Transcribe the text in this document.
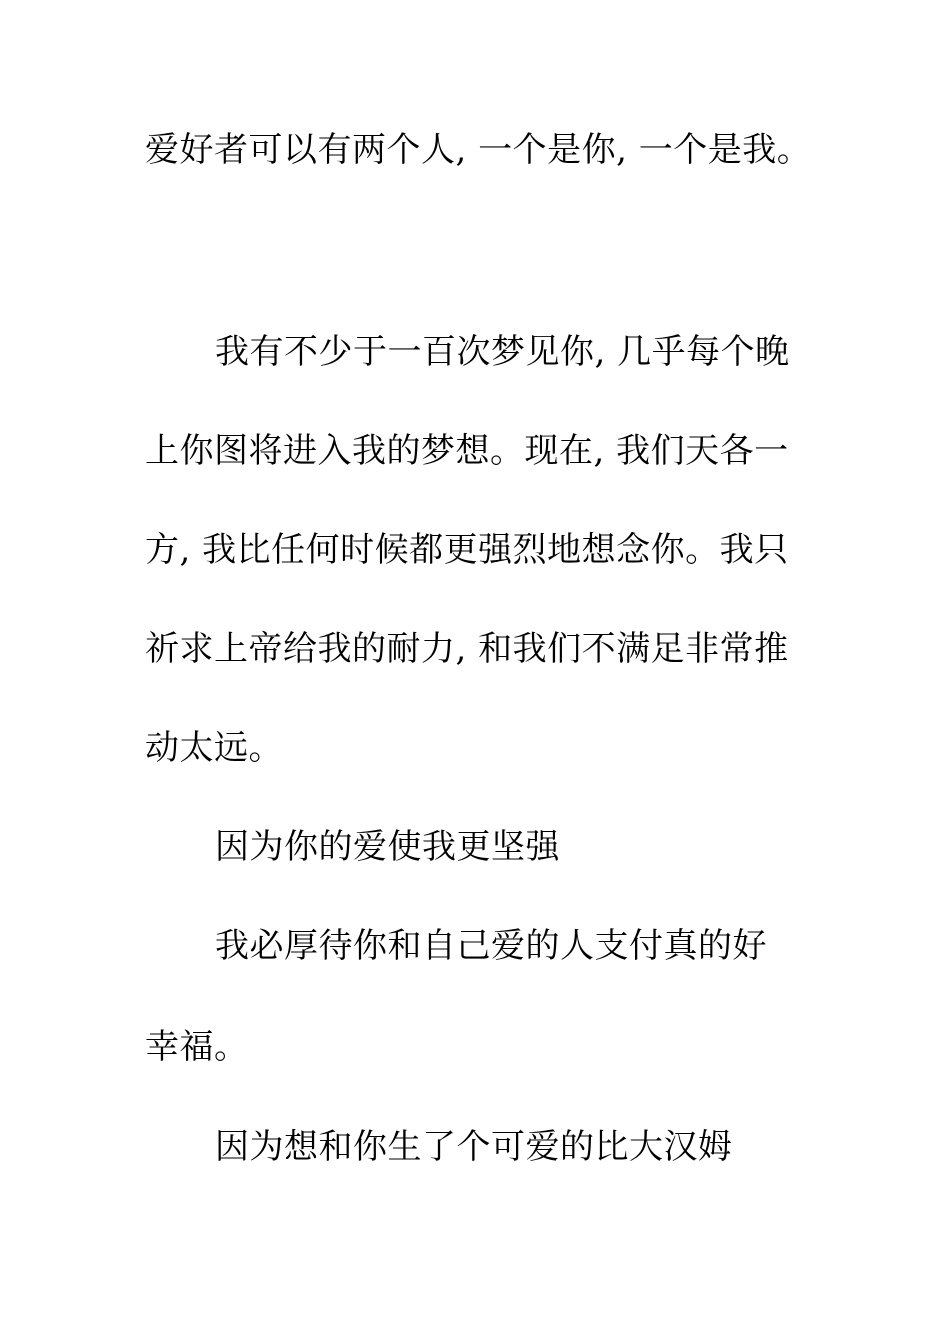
爱好者可以有两个人, 一个是你, 一个是我。
我有不少于一百次梦见你, 几乎每个晚
上你图将进入我的梦想。现在, 我们天各一
方, 我比任何时候都更强烈地想念你。我只
祈求上帝给我的耐力, 和我们不满足非常推
动太远。
因为你的爱使我更坚强
我必厚待你和自己爱的人支付真的好
幸福。
因为想和你生了个可爱的比大汉姆
